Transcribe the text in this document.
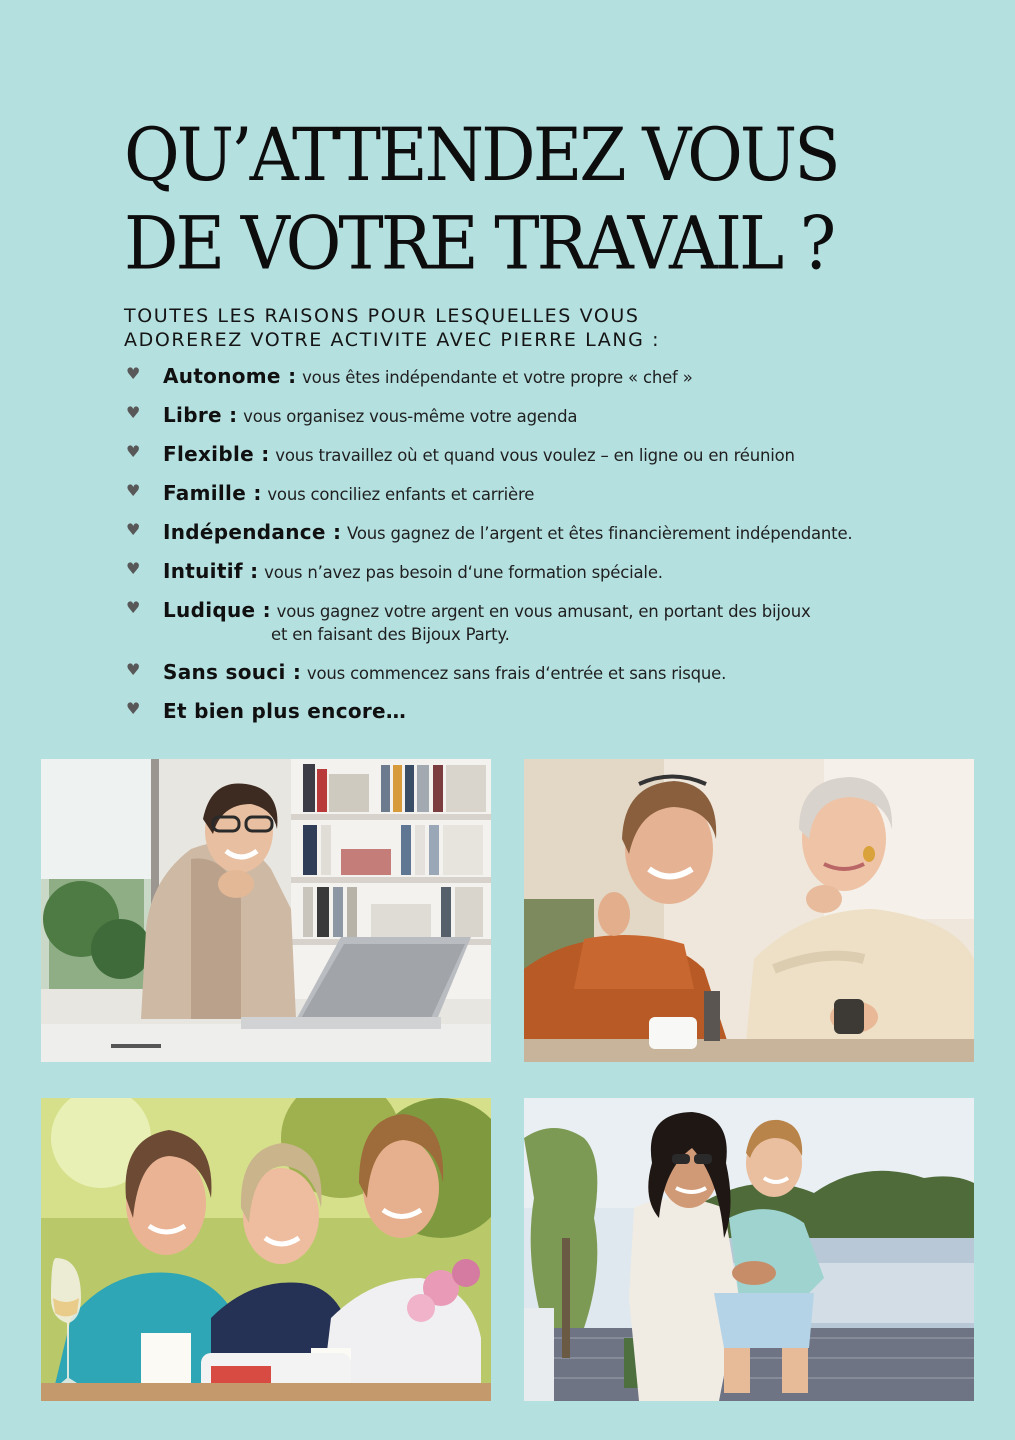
QU’ATTENDEZ VOUS
DE VOTRE TRAVAIL ?
TOUTES LES RAISONS POUR LESQUELLES VOUS
ADOREREZ VOTRE ACTIVITE AVEC PIERRE LANG :
♥ Autonome : vous êtes indépendante et votre propre « chef »
♥ Libre : vous organisez vous-même votre agenda
♥ Flexible : vous travaillez où et quand vous voulez – en ligne ou en réunion
♥ Famille : vous conciliez enfants et carrière
♥ Indépendance : Vous gagnez de l’argent et êtes financièrement indépendante.
♥ Intuitif : vous n’avez pas besoin d‘une formation spéciale.
♥ Ludique : vous gagnez votre argent en vous amusant, en portant des bijoux
et en faisant des Bijoux Party.
♥ Sans souci : vous commencez sans frais d‘entrée et sans risque.
♥ Et bien plus encore…
